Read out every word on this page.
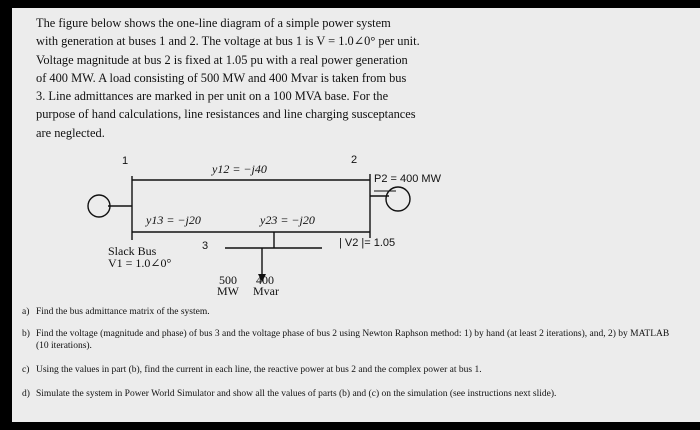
The figure below shows the one-line diagram of a simple power system
with generation at buses 1 and 2. The voltage at bus 1 is V = 1.0∠0° per unit.
Voltage magnitude at bus 2 is fixed at 1.05 pu with a real power generation
of 400 MW. A load consisting of 500 MW and 400 Mvar is taken from bus
3. Line admittances are marked in per unit on a 100 MVA base. For the
purpose of hand calculations, line resistances and line charging susceptances
are neglected.
1	2
3
y12 = −j40
y13 = −j20	y23 = −j20
P2 = 400 MW
| V2 |= 1.05
Slack Bus
V1 = 1.0∠0°
500
MW
400
Mvar
a) Find the bus admittance matrix of the system.
b) Find the voltage (magnitude and phase) of bus 3 and the voltage phase of bus 2 using Newton Raphson method: 1) by hand (at least 2 iterations), and, 2) by MATLAB (10 iterations).
c) Using the values in part (b), find the current in each line, the reactive power at bus 2 and the complex power at bus 1.
d) Simulate the system in Power World Simulator and show all the values of parts (b) and (c) on the simulation (see instructions next slide).
